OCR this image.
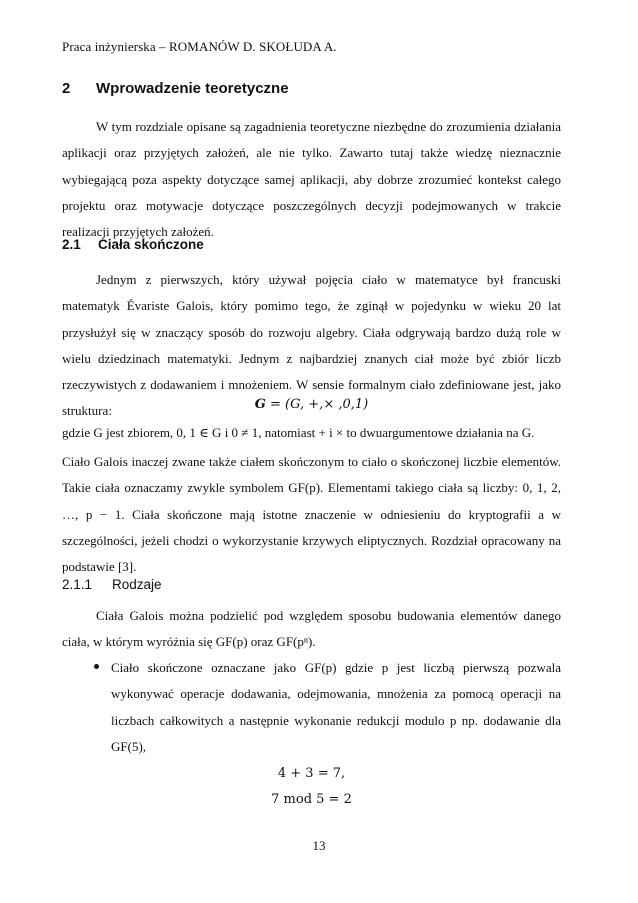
Praca inżynierska – ROMANÓW D. SKOŁUDA A.
2 Wprowadzenie teoretyczne

W tym rozdziale opisane są zagadnienia teoretyczne niezbędne do zrozumienia działania aplikacji oraz przyjętych założeń, ale nie tylko. Zawarto tutaj także wiedzę nieznacznie wybiegającą poza aspekty dotyczące samej aplikacji, aby dobrze zrozumieć kontekst całego projektu oraz motywacje dotyczące poszczególnych decyzji podejmowanych w trakcie realizacji przyjętych założeń.

2.1 Ciała skończone

Jednym z pierwszych, który używał pojęcia ciało w matematyce był francuski matematyk Évariste Galois, który pomimo tego, że zginął w pojedynku w wieku 20 lat przysłużył się w znaczący sposób do rozwoju algebry. Ciała odgrywają bardzo dużą role w wielu dziedzinach matematyki. Jednym z najbardziej znanych ciał może być zbiór liczb rzeczywistych z dodawaniem i mnożeniem. W sensie formalnym ciało zdefiniowane jest, jako struktura:	G = (G, +,× ,0,1)

gdzie G jest zbiorem, 0, 1 ∈ G i 0 ≠ 1, natomiast + i × to dwuargumentowe działania na G.

Ciało Galois inaczej zwane także ciałem skończonym to ciało o skończonej liczbie elementów. Takie ciała oznaczamy zwykle symbolem GF(p). Elementami takiego ciała są liczby: 0, 1, 2, …, p − 1. Ciała skończone mają istotne znaczenie w odniesieniu do kryptografii a w szczególności, jeżeli chodzi o wykorzystanie krzywych eliptycznych. Rozdział opracowany na podstawie [3].

2.1.1 Rodzaje

Ciała Galois można podzielić pod względem sposobu budowania elementów danego ciała, w którym wyróżnia się GF(p) oraz GF(pⁿ).

Ciało skończone oznaczane jako GF(p) gdzie p jest liczbą pierwszą pozwala wykonywać operacje dodawania, odejmowania, mnożenia za pomocą operacji na liczbach całkowitych a następnie wykonanie redukcji modulo p np. dodawanie dla GF(5),
4 + 3 = 7,
7 mod 5 = 2
13
